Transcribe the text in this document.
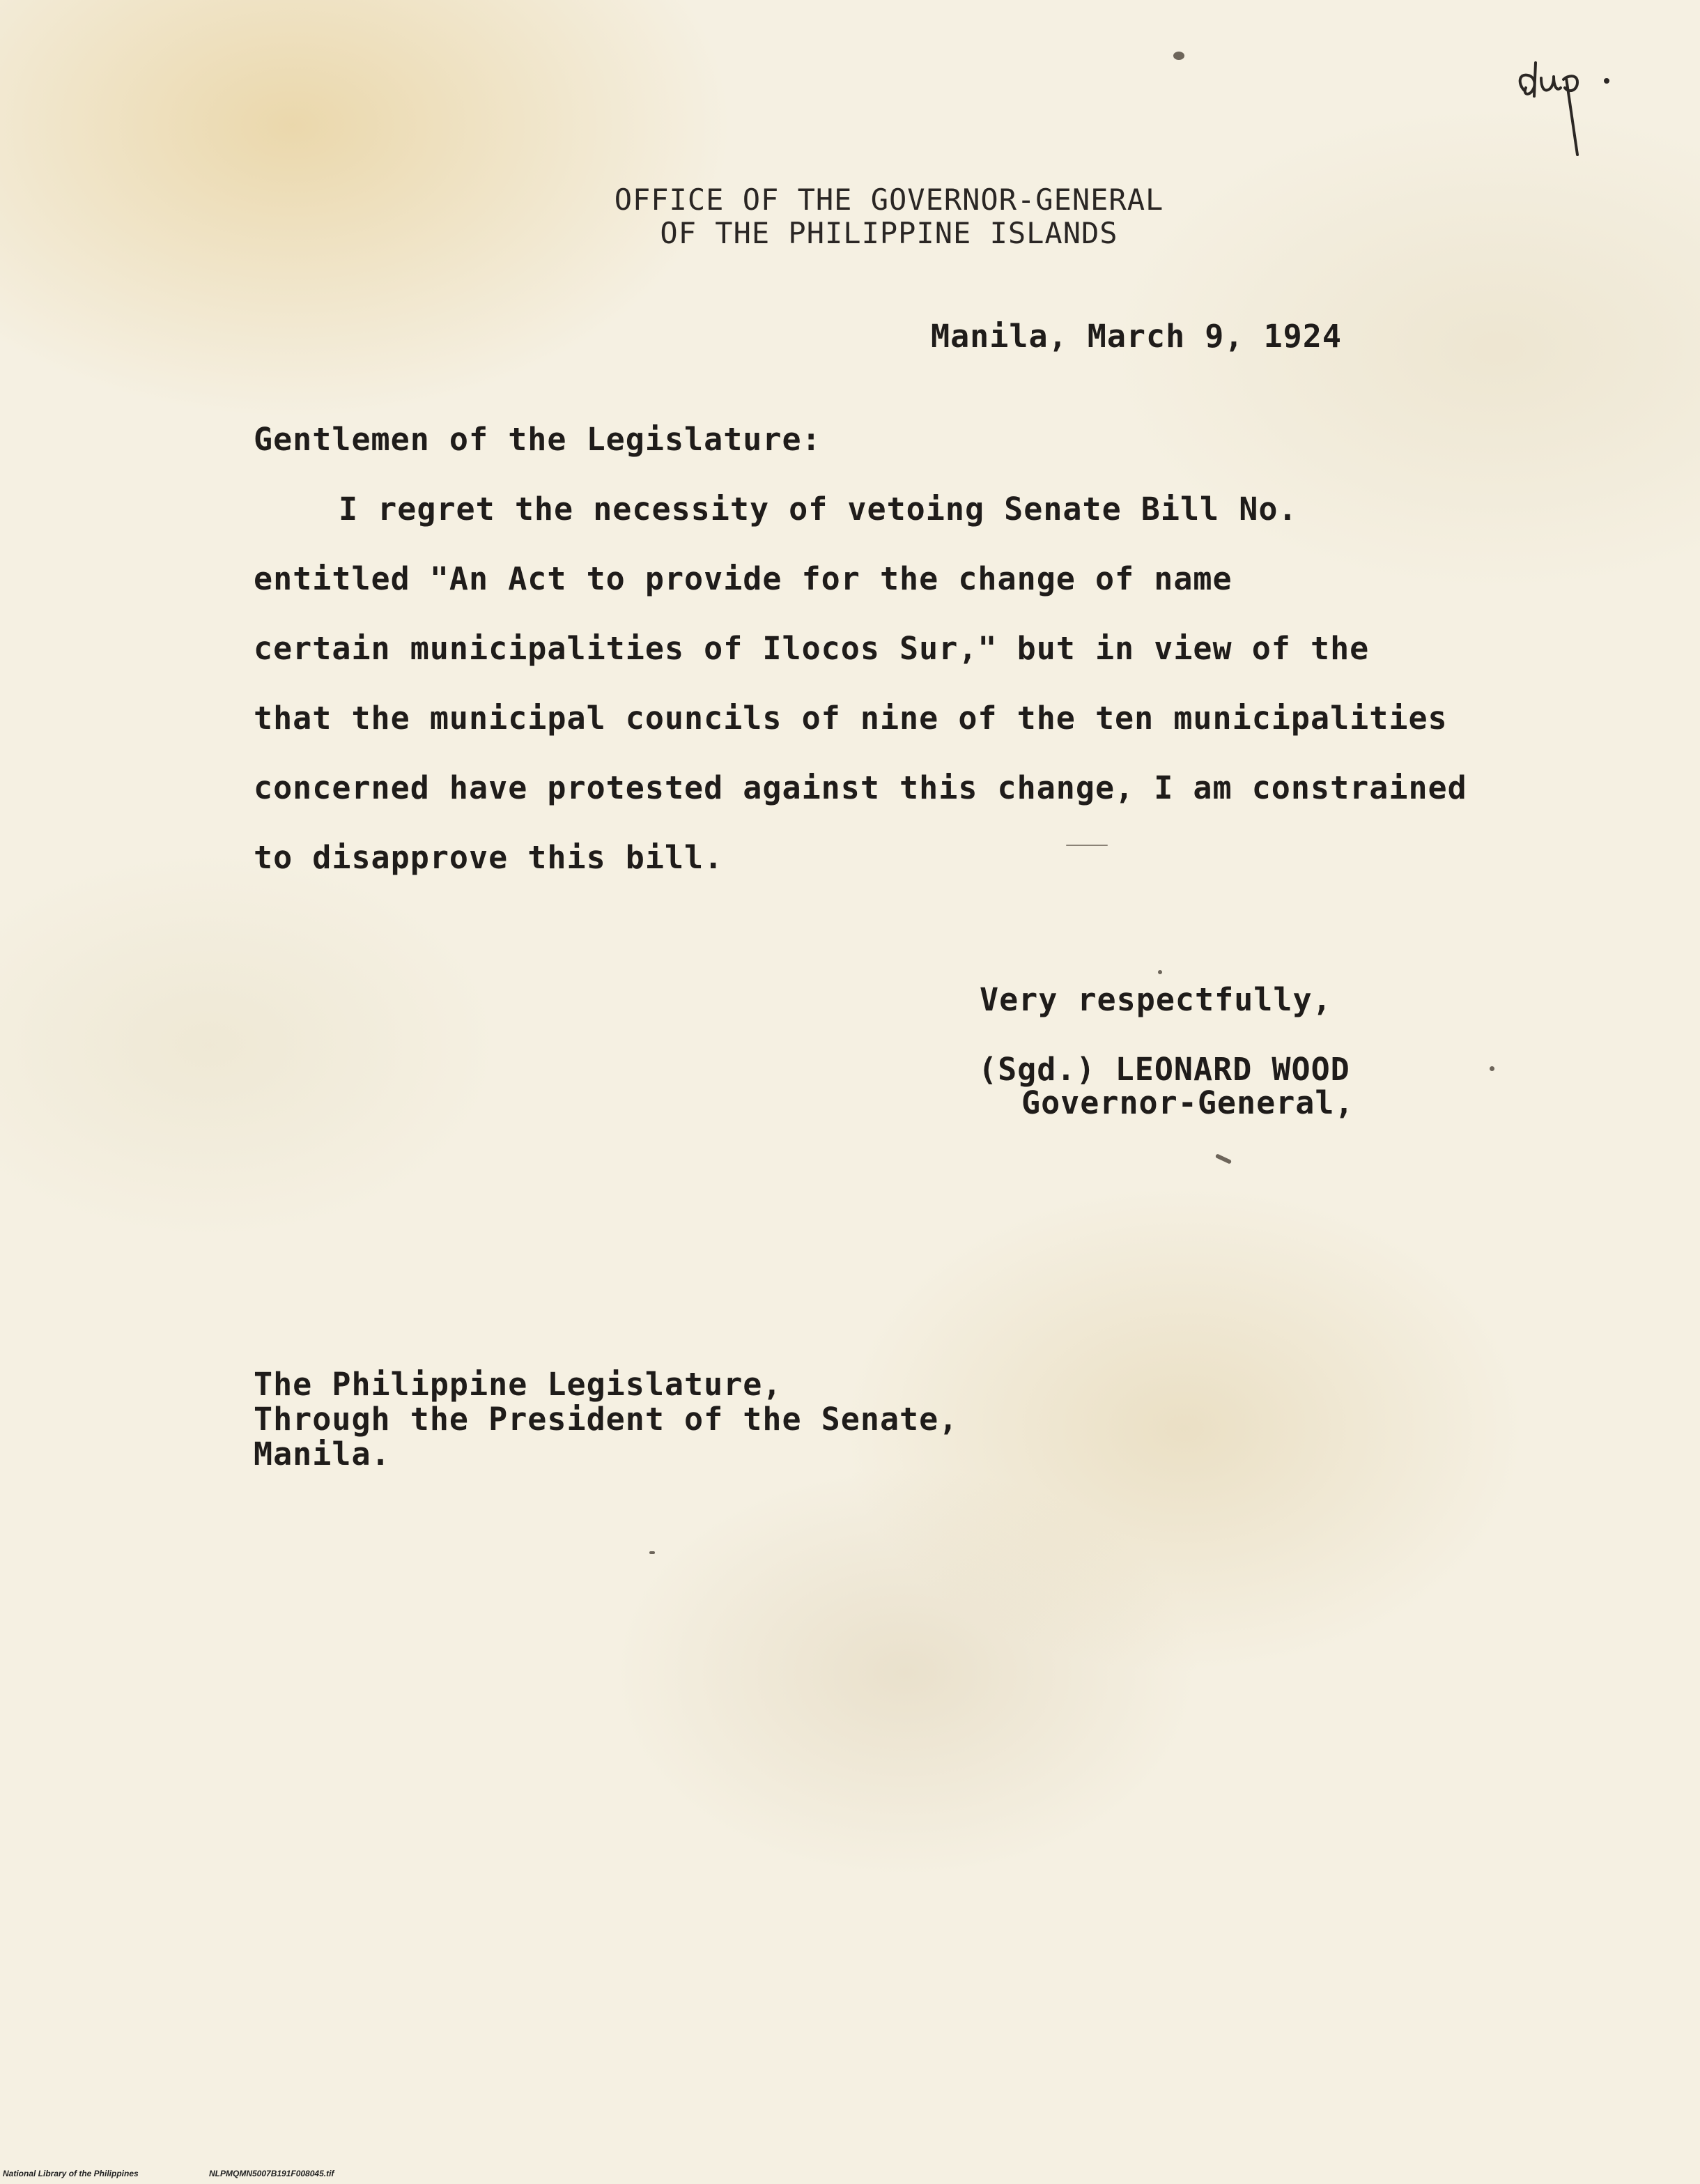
OFFICE OF THE GOVERNOR-GENERAL
OF THE PHILIPPINE ISLANDS
Manila, March 9, 1924
Gentlemen of the Legislature:
I regret the necessity of vetoing Senate Bill No.
entitled "An Act to provide for the change of name
certain municipalities of Ilocos Sur," but in view of the
that the municipal councils of nine of the ten municipalities
concerned have protested against this change, I am constrained
to disapprove this bill.
Very respectfully,
(Sgd.) LEONARD WOOD
Governor-General,
The Philippine Legislature,
Through the President of the Senate,
Manila.
National Library of the Philippines	NLPMQMN5007B191F008045.tif
